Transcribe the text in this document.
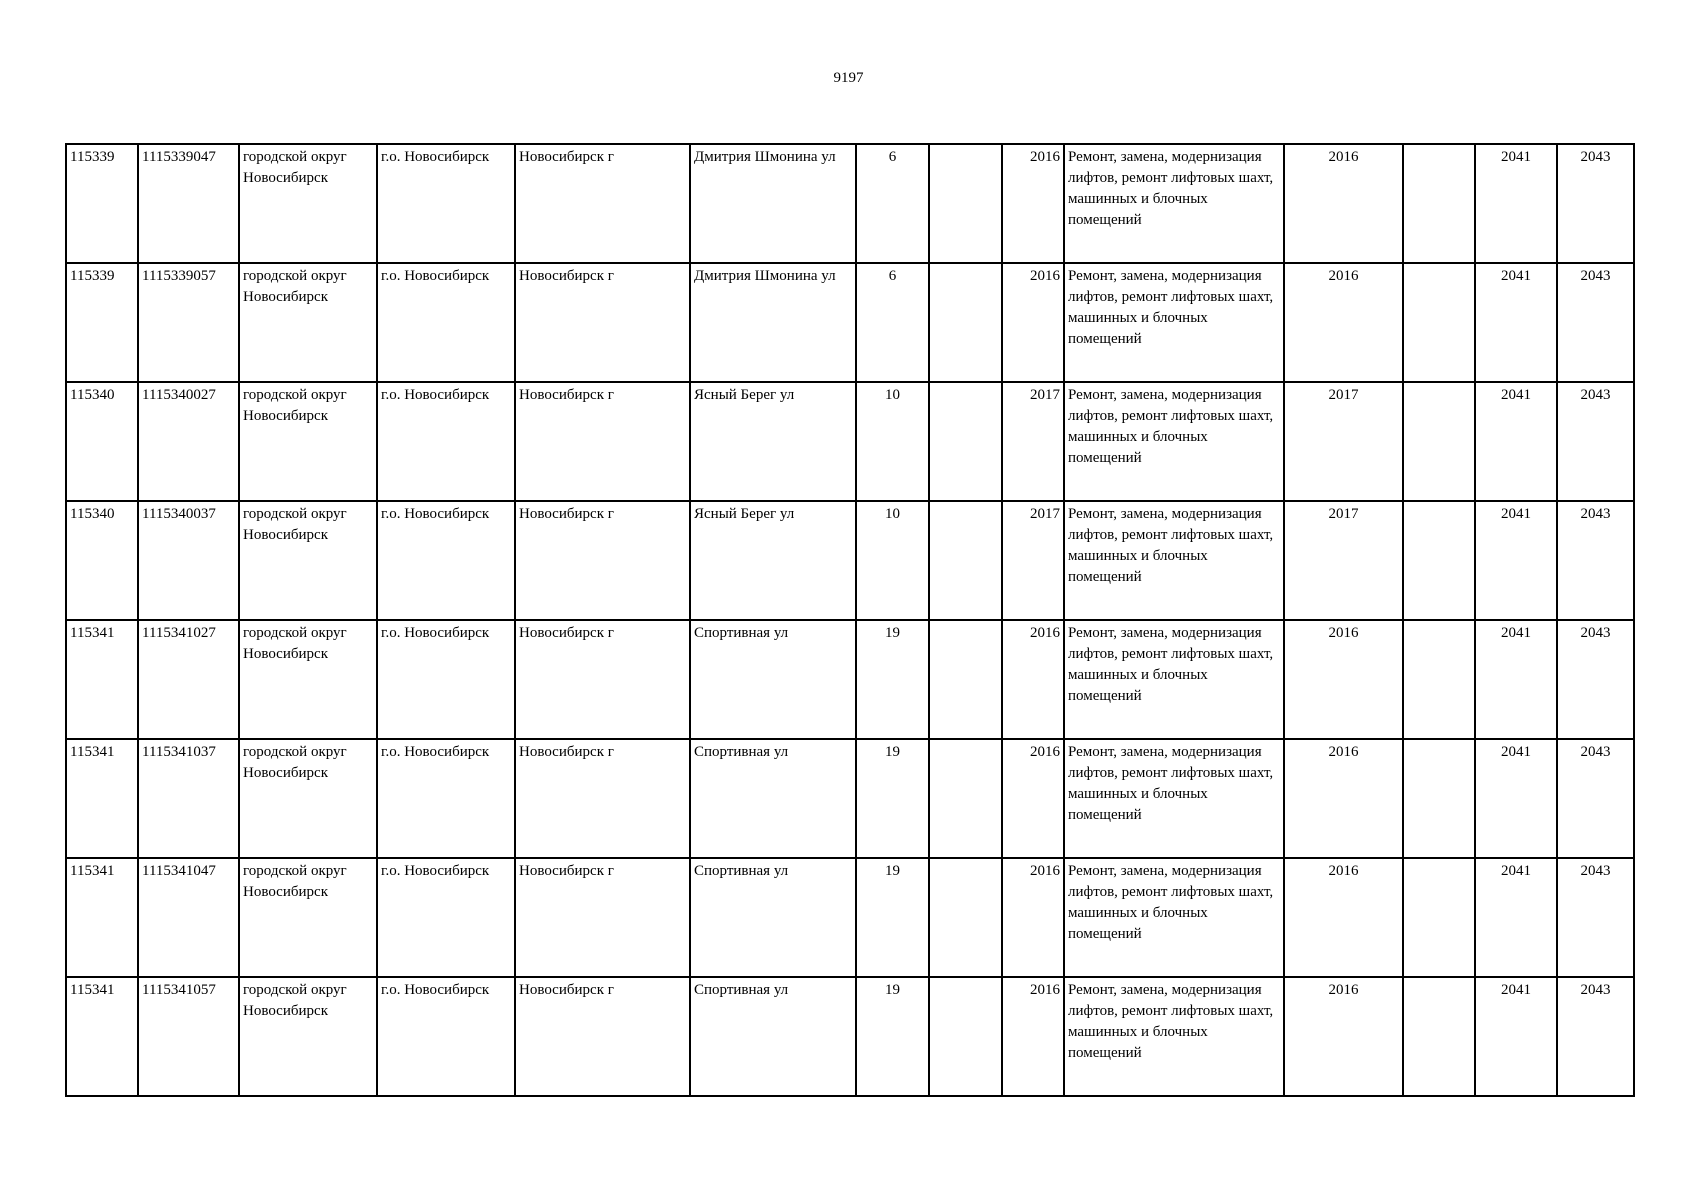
9197
115339	1115339047	городской округ Новосибирск	г.о. Новосибирск	Новосибирск г	Дмитрия Шмонина ул	6		2016	Ремонт, замена, модернизация лифтов, ремонт лифтовых шахт, машинных и блочных помещений	2016		2041	2043
115339	1115339057	городской округ Новосибирск	г.о. Новосибирск	Новосибирск г	Дмитрия Шмонина ул	6		2016	Ремонт, замена, модернизация лифтов, ремонт лифтовых шахт, машинных и блочных помещений	2016		2041	2043
115340	1115340027	городской округ Новосибирск	г.о. Новосибирск	Новосибирск г	Ясный Берег ул	10		2017	Ремонт, замена, модернизация лифтов, ремонт лифтовых шахт, машинных и блочных помещений	2017		2041	2043
115340	1115340037	городской округ Новосибирск	г.о. Новосибирск	Новосибирск г	Ясный Берег ул	10		2017	Ремонт, замена, модернизация лифтов, ремонт лифтовых шахт, машинных и блочных помещений	2017		2041	2043
115341	1115341027	городской округ Новосибирск	г.о. Новосибирск	Новосибирск г	Спортивная ул	19		2016	Ремонт, замена, модернизация лифтов, ремонт лифтовых шахт, машинных и блочных помещений	2016		2041	2043
115341	1115341037	городской округ Новосибирск	г.о. Новосибирск	Новосибирск г	Спортивная ул	19		2016	Ремонт, замена, модернизация лифтов, ремонт лифтовых шахт, машинных и блочных помещений	2016		2041	2043
115341	1115341047	городской округ Новосибирск	г.о. Новосибирск	Новосибирск г	Спортивная ул	19		2016	Ремонт, замена, модернизация лифтов, ремонт лифтовых шахт, машинных и блочных помещений	2016		2041	2043
115341	1115341057	городской округ Новосибирск	г.о. Новосибирск	Новосибирск г	Спортивная ул	19		2016	Ремонт, замена, модернизация лифтов, ремонт лифтовых шахт, машинных и блочных помещений	2016		2041	2043
